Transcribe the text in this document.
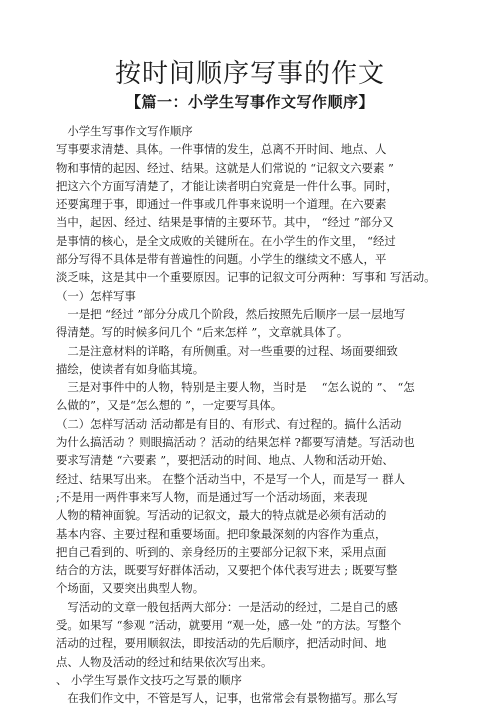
按时间顺序写事的作文
【篇一：小学生写事作文写作顺序】
　小学生写事作文写作顺序
写事要求清楚、具体。一件事情的发生，总离不开时间、地点、人
物和事情的起因、经过、结果。这就是人们常说的 “记叙文六要素 ”
把这六个方面写清楚了，才能让读者明白究竟是一件什么事。同时，
还要寓理于事，即通过一件事或几件事来说明一个道理。在六要素
当中，起因、经过、结果是事情的主要环节。其中， “经过 ”部分又
是事情的核心，是全文成败的关键所在。在小学生的作文里， “经过
部分写得不具体是带有普遍性的问题。小学生的继续文不感人，平
淡乏味，这是其中一个重要原因。记事的记叙文可分两种：写事和 写活动。
（一）怎样写事
　一是把 “经过 ”部分分成几个阶段，然后按照先后顺序一层一层地写
得清楚。写的时候多问几个 “后来怎样 ”，文章就具体了。
　二是注意材料的详略，有所侧重。对一些重要的过程、场面要细致
描绘，使读者有如身临其境。
　三是对事件中的人物，特别是主要人物，当时是 　“怎么说的 ”、 “怎
么做的”，又是“怎么想的 ”，一定要写具体。
（二）怎样写活动 活动都是有目的、有形式、有过程的。搞什么活动
为什么搞活动 ？则眼搞活动 ？活动的结果怎样 ?都要写清楚。写活动也
要求写清楚 “六要素 ”，要把活动的时间、地点、人物和活动开始、
经过、结果写出来。 在整个活动当中，不是写一个人，而是写一 群人
;不是用一两件事来写人物，而是通过写一个活动场面，来表现
人物的精神面貌。写活动的记叙文，最大的特点就是必须有活动的
基本内容、主要过程和重要场面。把印象最深刻的内容作为重点，
把自己看到的、听到的、亲身经历的主要部分记叙下来，采用点面
结合的方法，既要写好群体活动，又要把个体代表写进去 ; 既要写整
个场面，又要突出典型人物。
　写活动的文章一般包括两大部分：一是活动的经过，二是自己的感
受。如果写 “参观 ”活动，就要用 “观一处，感一处 ”的方法。写整个
活动的过程，要用顺叙法，即按活动的先后顺序，把活动时间、地
点、人物及活动的经过和结果依次写出来。
、 小学生写景作文技巧之写景的顺序
　在我们作文中，不管是写人，记事，也常常会有景物描写。那么写
